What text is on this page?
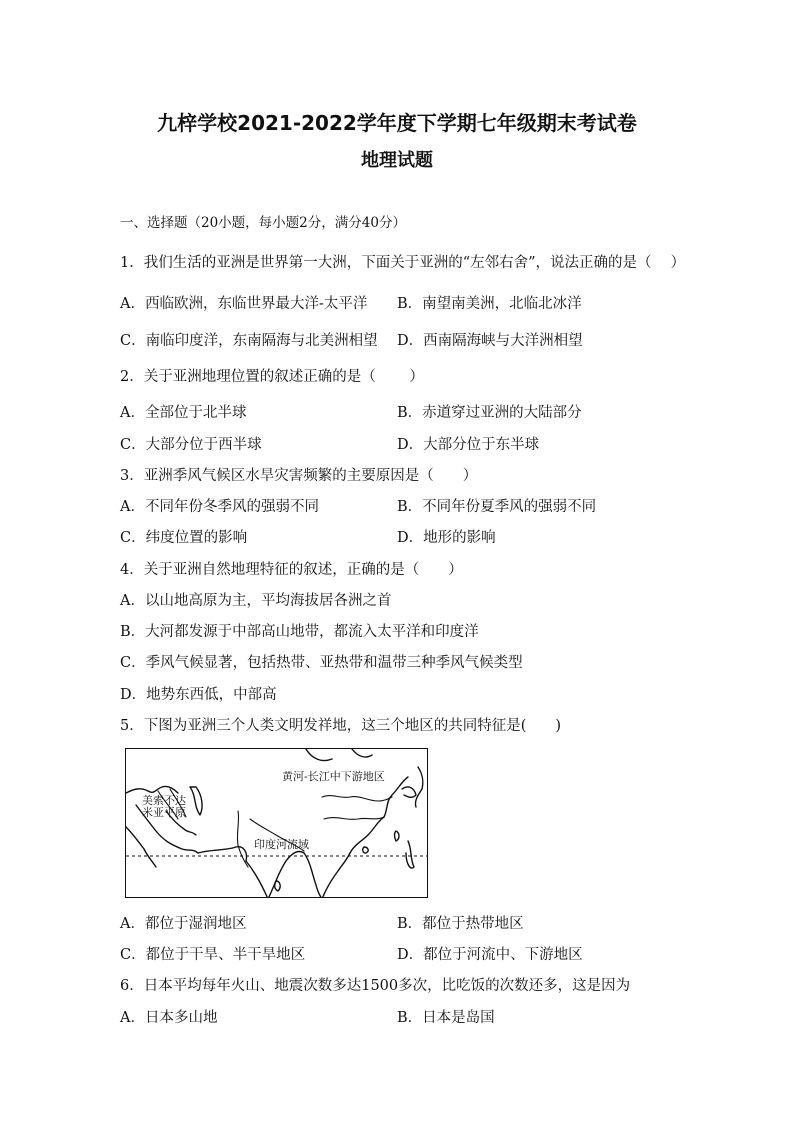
九梓学校2021-2022学年度下学期七年级期末考试卷
地理试题
一、选择题（20小题，每小题2分，满分40分）
1．我们生活的亚洲是世界第一大洲，下面关于亚洲的“左邻右舍”，说法正确的是（　 ）
A．西临欧洲，东临世界最大洋-太平洋 B．南望南美洲，北临北冰洋
C．南临印度洋，东南隔海与北美洲相望 D．西南隔海峡与大洋洲相望
2．关于亚洲地理位置的叙述正确的是（　　 ）
A．全部位于北半球	B．赤道穿过亚洲的大陆部分
C．大部分位于西半球	D．大部分位于东半球
3．亚洲季风气候区水旱灾害频繁的主要原因是（　　）
A．不同年份冬季风的强弱不同	B．不同年份夏季风的强弱不同
C．纬度位置的影响	D．地形的影响
4．关于亚洲自然地理特征的叙述，正确的是（　　）
A．以山地高原为主，平均海拔居各洲之首
B．大河都发源于中部高山地带，都流入太平洋和印度洋
C．季风气候显著，包括热带、亚热带和温带三种季风气候类型
D．地势东西低，中部高
5．下图为亚洲三个人类文明发祥地，这三个地区的共同特征是(　　)
黄河-长江中下游地区
美索不达
米亚平原
印度河流域
A．都位于湿润地区	B．都位于热带地区
C．都位于干旱、半干旱地区	D．都位于河流中、下游地区
6．日本平均每年火山、地震次数多达1500多次，比吃饭的次数还多，这是因为
A．日本多山地	B．日本是岛国
